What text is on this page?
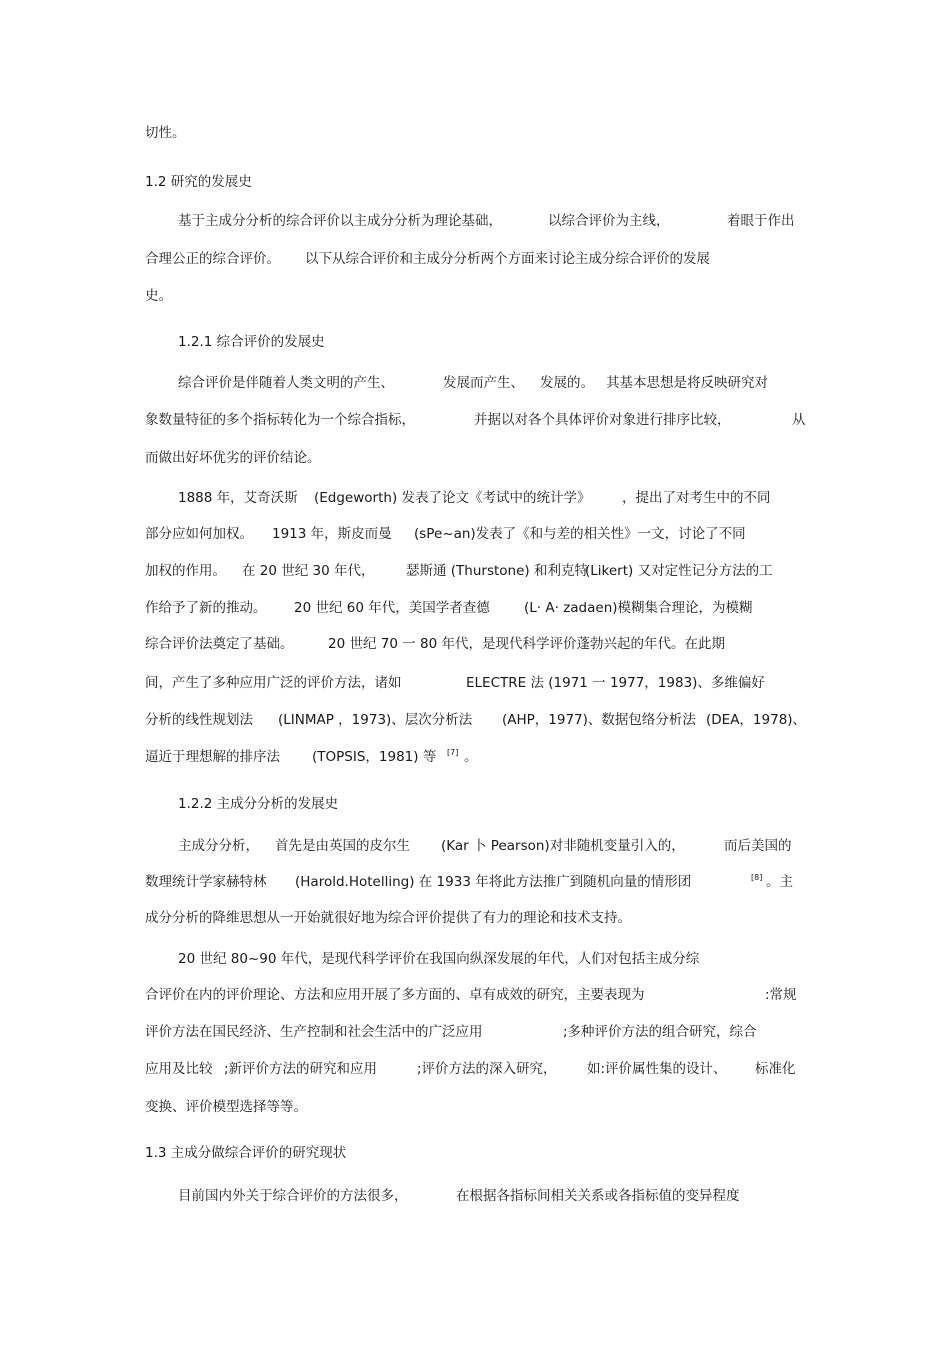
切性。
1.2 研究的发展史
基于主成分分析的综合评价以主成分分析为理论基础，	以综合评价为主线，	着眼于作出
合理公正的综合评价。 以下从综合评价和主成分分析两个方面来讨论主成分综合评价的发展
史。
1.2.1 综合评价的发展史
综合评价是伴随着人类文明的产生、	发展而产生、 发展的。 其基本思想是将反映研究对
象数量特征的多个指标转化为一个综合指标，	并据以对各个具体评价对象进行排序比较，	从
而做出好坏优劣的评价结论。
1888 年，艾奇沃斯 (Edgeworth) 发表了论文《考试中的统计学》 ，提出了对考生中的不同
部分应如何加权。 1913 年，斯皮而曼 (sPe~an)发表了《和与差的相关性》一文，讨论了不同
加权的作用。 在 20 世纪 30 年代， 瑟斯通 (Thurstone) 和利克特
(Likert) 又对定性记分方法的工
作给予了新的推动。 20 世纪 60 年代，美国学者查德	(L· A· zadaen)模糊集合理论，为模糊
综合评价法奠定了基础。	20 世纪 70 一 80 年代，是现代科学评价蓬勃兴起的年代。在此期
间，产生了多种应用广泛的评价方法，诸如	ELECTRE 法 (1971 一 1977，1983)、多维偏好
分析的线性规划法 (LINMAP ，1973)、层次分析法 (AHP，1977)、数据包络分析法 (DEA，1978)、
逼近于理想解的排序法 (TOPSIS，1981) 等 [7] 。
1.2.2 主成分分析的发展史
主成分分析， 首先是由英国的皮尔生 (Kar 卜 Pearson)对非随机变量引入的，	而后美国的
数理统计学家赫特林 (Harold.Hotelling) 在 1933 年将此方法推广到随机向量的情形团	[8] 。主
成分分析的降维思想从一开始就很好地为综合评价提供了有力的理论和技术支持。
20 世纪 80~90 年代，是现代科学评价在我国向纵深发展的年代，人们对包括主成分综
合评价在内的评价理论、方法和应用开展了多方面的、卓有成效的研究，主要表现为	:常规
评价方法在国民经济、生产控制和社会生活中的广泛应用	;多种评价方法的组合研究，综合
应用及比较 ;新评价方法的研究和应用	;评价方法的深入研究， 如:评价属性集的设计、 标准化
变换、评价模型选择等等。
1.3 主成分做综合评价的研究现状
目前国内外关于综合评价的方法很多，	在根据各指标间相关关系或各指标值的变异程度
